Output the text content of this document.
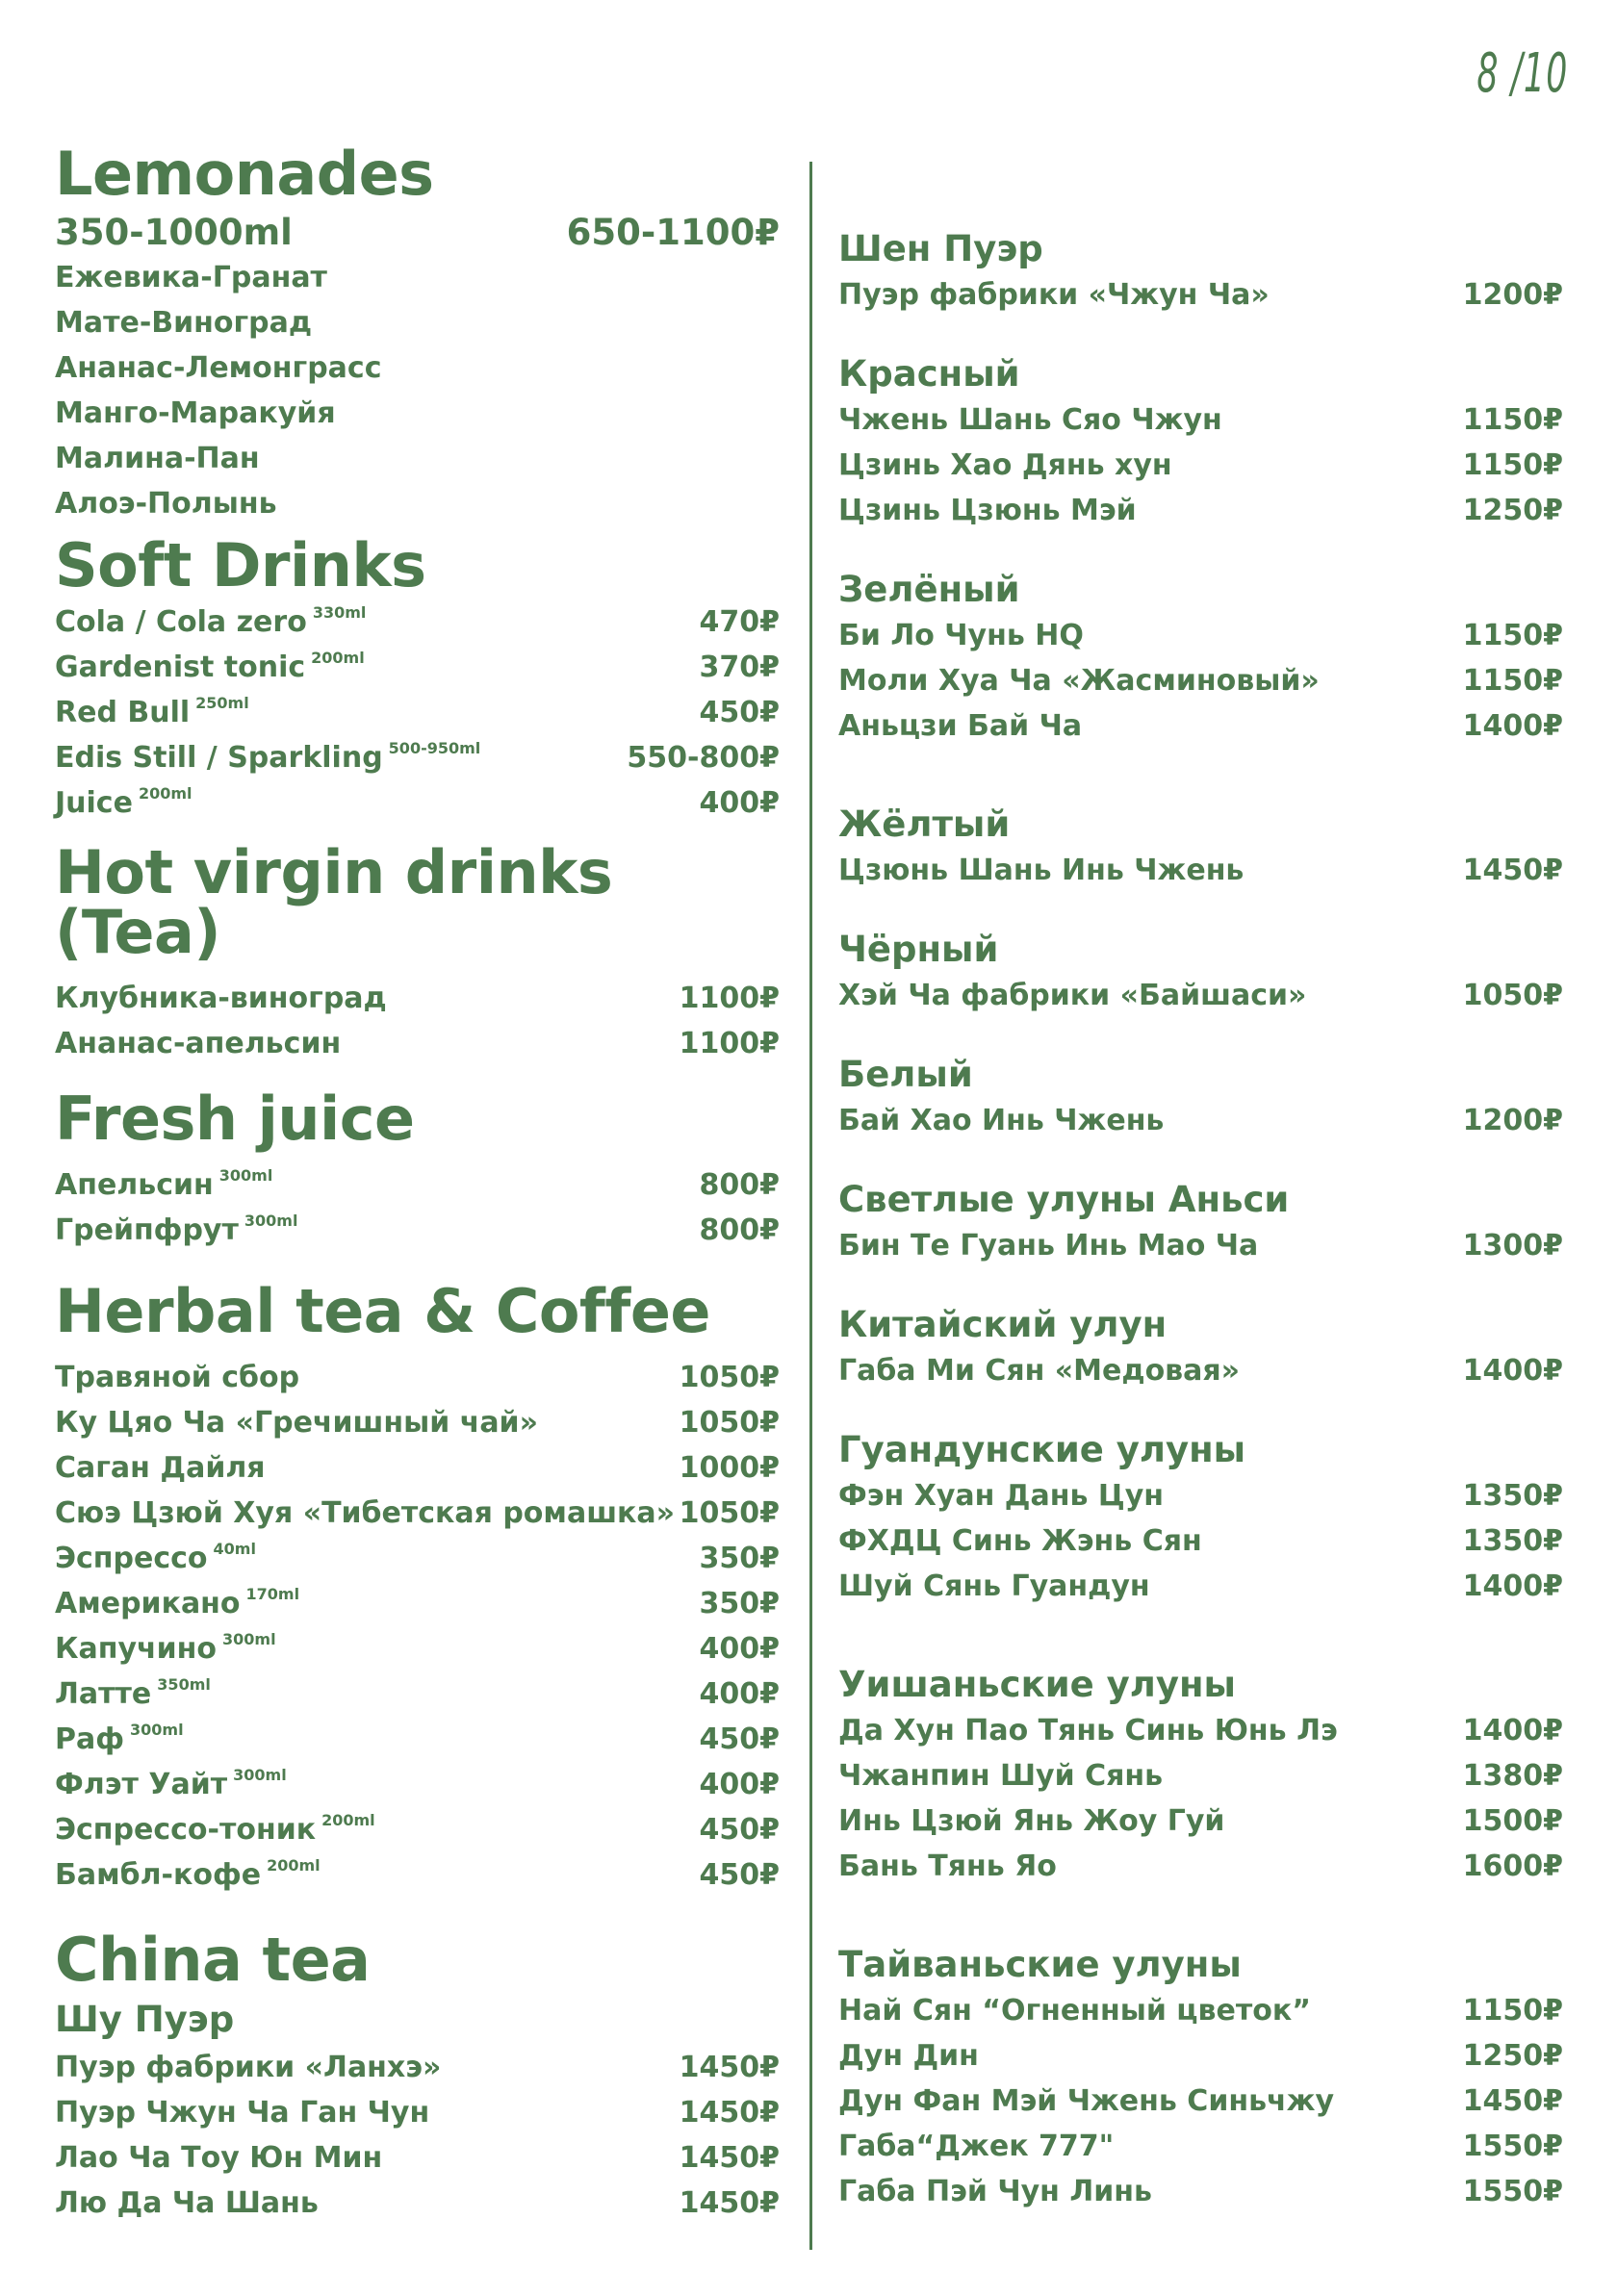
8 /10
Lemonades
350-1000ml	650-1100₽
Ежевика-Гранат
Мате-Виноград
Ананас-Лемонграсс
Манго-Маракуйя
Малина-Пан
Алоэ-Полынь
Soft Drinks
Cola / Cola zero $^{330ml}$	470₽
Gardenist tonic $^{200ml}$	370₽
Red Bull $^{250ml}$	450₽
Edis Still / Sparkling $^{500-950ml}$	550-800₽
Juice $^{200ml}$	400₽
Hot virgin drinks (Tea)
Клубника-виноград	1100₽
Ананас-апельсин	1100₽
Fresh juice
Апельсин $^{300ml}$	800₽
Грейпфрут $^{300ml}$	800₽
Herbal tea & Coffee
Травяной сбор	1050₽
Ку Цяо Ча «Гречишный чай»	1050₽
Саган Дайля	1000₽
Сюэ Цзюй Хуя «Тибетская ромашка» 1050₽
Эспрессо $^{40ml}$	350₽
Американо $^{170ml}$	350₽
Капучино $^{300ml}$	400₽
Латте $^{350ml}$	400₽
Раф $^{300ml}$	450₽
Флэт Уайт $^{300ml}$	400₽
Эспрессо-тоник $^{200ml}$	450₽
Бамбл-кофе $^{200ml}$	450₽
China tea
Шу Пуэр
Пуэр фабрики «Ланхэ»	1450₽
Пуэр Чжун Ча Ган Чун	1450₽
Лао Ча Тоу Юн Мин	1450₽
Лю Да Ча Шань	1450₽
Шен Пуэр
Пуэр фабрики «Чжун Ча»	1200₽
Красный
Чжень Шань Сяо Чжун	1150₽
Цзинь Хао Дянь хун	1150₽
Цзинь Цзюнь Мэй	1250₽
Зелёный
Би Ло Чунь HQ	1150₽
Моли Хуа Ча «Жасминовый»	1150₽
Аньцзи Бай Ча	1400₽
Жёлтый
Цзюнь Шань Инь Чжень	1450₽
Чёрный
Хэй Ча фабрики «Байшаси»	1050₽
Белый
Бай Хао Инь Чжень	1200₽
Светлые улуны Аньси
Бин Те Гуань Инь Мао Ча	1300₽
Китайский улун
Габа Ми Сян «Медовая»	1400₽
Гуандунские улуны
Фэн Хуан Дань Цун	1350₽
ФХДЦ Синь Жэнь Сян	1350₽
Шуй Сянь Гуандун	1400₽
Уишаньские улуны
Да Хун Пао Тянь Синь Юнь Лэ	1400₽
Чжанпин Шуй Сянь	1380₽
Инь Цзюй Янь Жоу Гуй	1500₽
Бань Тянь Яо	1600₽
Тайваньские улуны
Най Сян “Огненный цветок”	1150₽
Дун Дин	1250₽
Дун Фан Мэй Чжень Синьчжу	1450₽
Габа“Джек 777"	1550₽
Габа Пэй Чун Линь	1550₽
